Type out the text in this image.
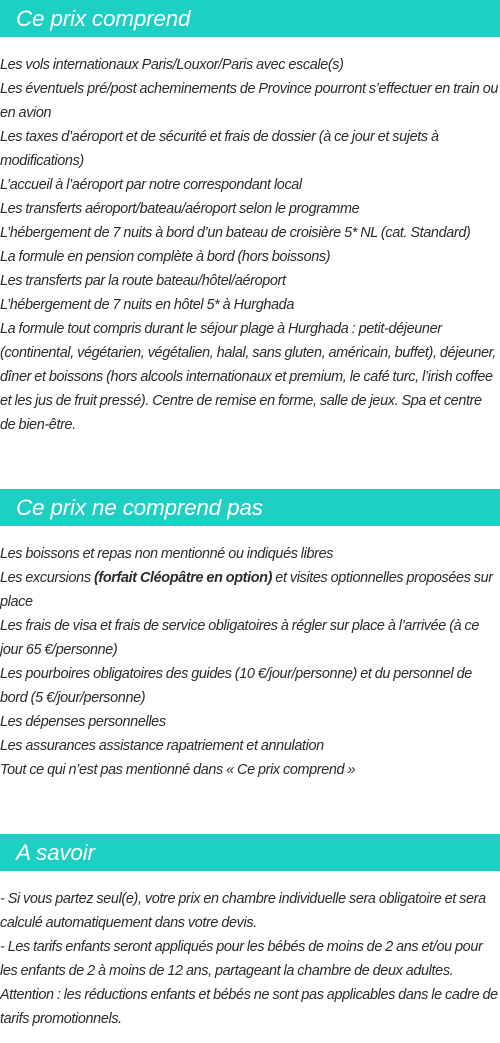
Ce prix comprend
Les vols internationaux Paris/Louxor/Paris avec escale(s)
Les éventuels pré/post acheminements de Province pourront s’effectuer en train ou en avion
Les taxes d’aéroport et de sécurité et frais de dossier (à ce jour et sujets à modifications)
L’accueil à l’aéroport par notre correspondant local
Les transferts aéroport/bateau/aéroport selon le programme
L’hébergement de 7 nuits à bord d’un bateau de croisière 5* NL (cat. Standard)
La formule en pension complète à bord (hors boissons)
Les transferts par la route bateau/hôtel/aéroport
L’hébergement de 7 nuits en hôtel 5* à Hurghada
La formule tout compris durant le séjour plage à Hurghada : petit-déjeuner (continental, végétarien, végétalien, halal, sans gluten, américain, buffet), déjeuner, dîner et boissons (hors alcools internationaux et premium, le café turc, l’irish coffee et les jus de fruit pressé). Centre de remise en forme, salle de jeux. Spa et centre de bien-être.
Ce prix ne comprend pas
Les boissons et repas non mentionné ou indiqués libres
Les excursions (forfait Cléopâtre en option) et visites optionnelles proposées sur place
Les frais de visa et frais de service obligatoires à régler sur place à l’arrivée (à ce jour 65 €/personne)
Les pourboires obligatoires des guides (10 €/jour/personne) et du personnel de bord (5 €/jour/personne)
Les dépenses personnelles
Les assurances assistance rapatriement et annulation
Tout ce qui n’est pas mentionné dans « Ce prix comprend »
A savoir
- Si vous partez seul(e), votre prix en chambre individuelle sera obligatoire et sera calculé automatiquement dans votre devis.
- Les tarifs enfants seront appliqués pour les bébés de moins de 2 ans et/ou pour les enfants de 2 à moins de 12 ans, partageant la chambre de deux adultes.
Attention : les réductions enfants et bébés ne sont pas applicables dans le cadre de tarifs promotionnels.
